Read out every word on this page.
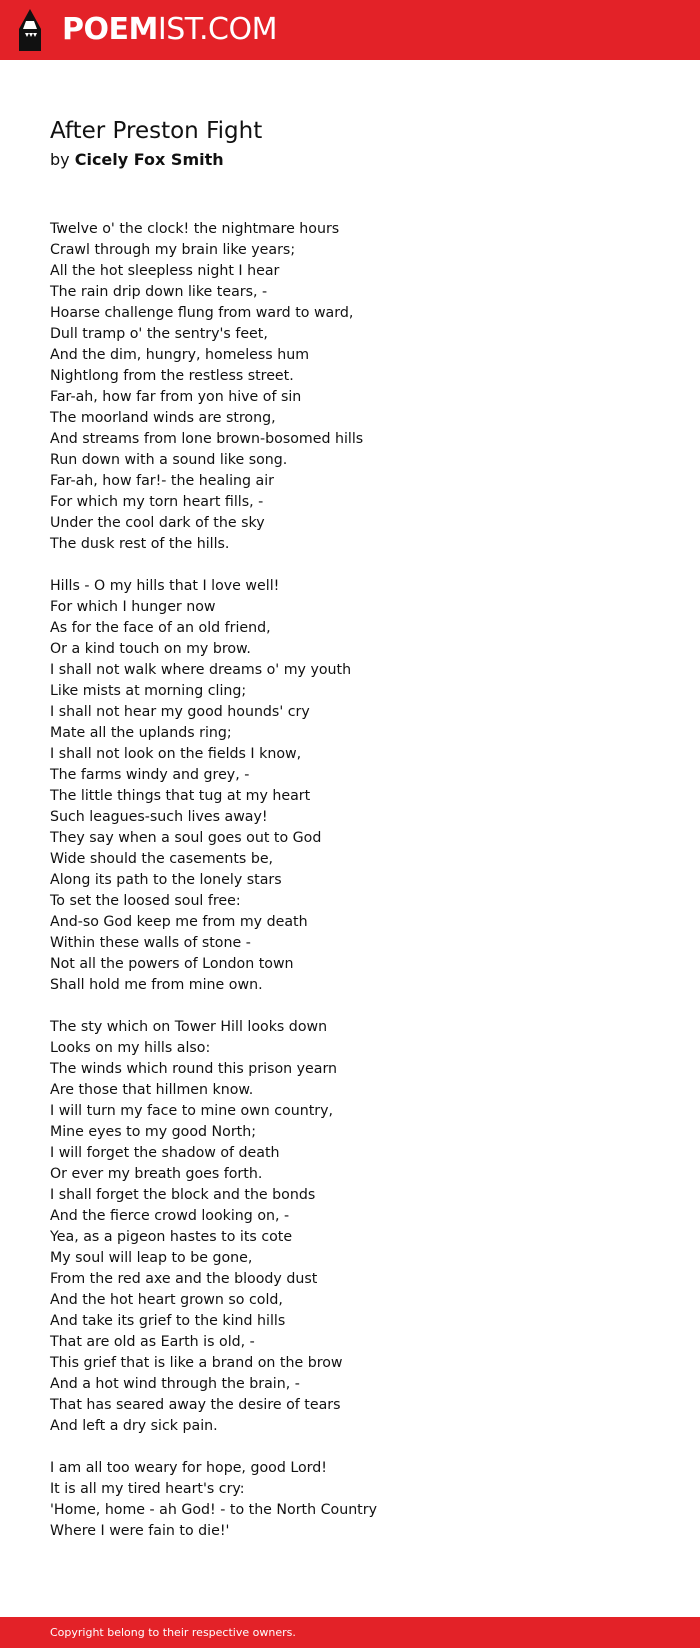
POEMIST.COM
After Preston Fight
by Cicely Fox Smith
Twelve o' the clock! the nightmare hours
Crawl through my brain like years;
All the hot sleepless night I hear
The rain drip down like tears, -
Hoarse challenge flung from ward to ward,
Dull tramp o' the sentry's feet,
And the dim, hungry, homeless hum
Nightlong from the restless street.
Far-ah, how far from yon hive of sin
The moorland winds are strong,
And streams from lone brown-bosomed hills
Run down with a sound like song.
Far-ah, how far!- the healing air
For which my torn heart fills, -
Under the cool dark of the sky
The dusk rest of the hills.
Hills - O my hills that I love well!
For which I hunger now
As for the face of an old friend,
Or a kind touch on my brow.
I shall not walk where dreams o' my youth
Like mists at morning cling;
I shall not hear my good hounds' cry
Mate all the uplands ring;
I shall not look on the fields I know,
The farms windy and grey, -
The little things that tug at my heart
Such leagues-such lives away!
They say when a soul goes out to God
Wide should the casements be,
Along its path to the lonely stars
To set the loosed soul free:
And-so God keep me from my death
Within these walls of stone -
Not all the powers of London town
Shall hold me from mine own.
The sty which on Tower Hill looks down
Looks on my hills also:
The winds which round this prison yearn
Are those that hillmen know.
I will turn my face to mine own country,
Mine eyes to my good North;
I will forget the shadow of death
Or ever my breath goes forth.
I shall forget the block and the bonds
And the fierce crowd looking on, -
Yea, as a pigeon hastes to its cote
My soul will leap to be gone,
From the red axe and the bloody dust
And the hot heart grown so cold,
And take its grief to the kind hills
That are old as Earth is old, -
This grief that is like a brand on the brow
And a hot wind through the brain, -
That has seared away the desire of tears
And left a dry sick pain.
I am all too weary for hope, good Lord!
It is all my tired heart's cry:
'Home, home - ah God! - to the North Country
Where I were fain to die!'
Copyright belong to their respective owners.
